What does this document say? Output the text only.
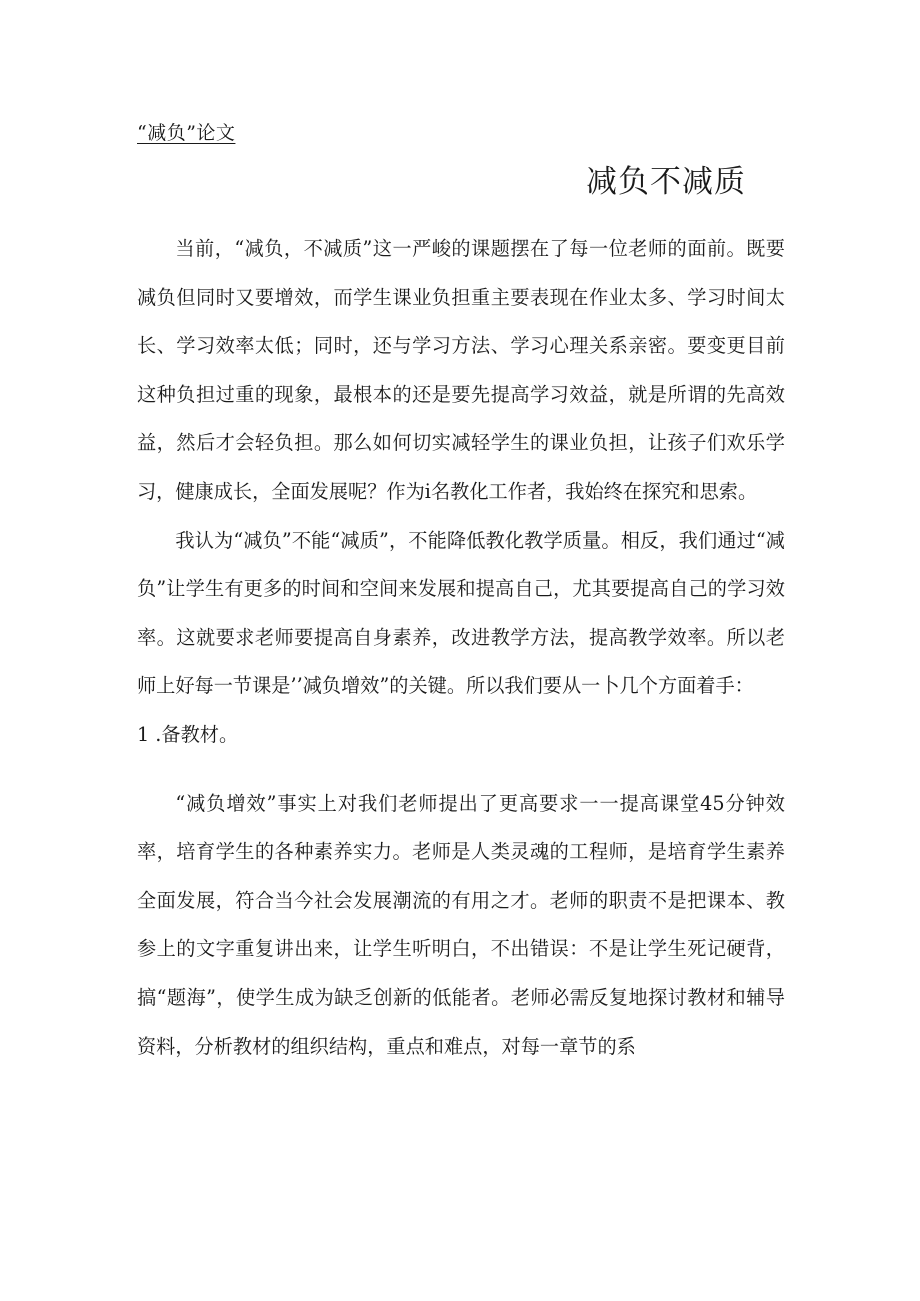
“减负”论文
减负不减质

当前，“减负，不减质”这一严峻的课题摆在了每一位老师的面前。既要减负但同时又要增效，而学生课业负担重主要表现在作业太多、学习时间太长、学习效率太低；同时，还与学习方法、学习心理关系亲密。要变更目前这种负担过重的现象，最根本的还是要先提高学习效益，就是所谓的先高效益，然后才会轻负担。那么如何切实减轻学生的课业负担，让孩子们欢乐学习，健康成长，全面发展呢？作为i名教化工作者，我始终在探究和思索。

我认为“减负”不能“减质”，不能降低教化教学质量。相反，我们通过“减负”让学生有更多的时间和空间来发展和提高自己，尤其要提高自己的学习效率。这就要求老师要提高自身素养，改进教学方法，提高教学效率。所以老师上好每一节课是’’减负增效”的关键。所以我们要从一卜几个方面着手：

1 .备教材。

“减负增效”事实上对我们老师提出了更高要求一一提高课堂45分钟效率，培育学生的各种素养实力。老师是人类灵魂的工程师，是培育学生素养全面发展，符合当今社会发展潮流的有用之才。老师的职责不是把课本、教参上的文字重复讲出来，让学生听明白，不出错误：不是让学生死记硬背，搞“题海”，使学生成为缺乏创新的低能者。老师必需反复地探讨教材和辅导资料，分析教材的组织结构，重点和难点，对每一章节的系
